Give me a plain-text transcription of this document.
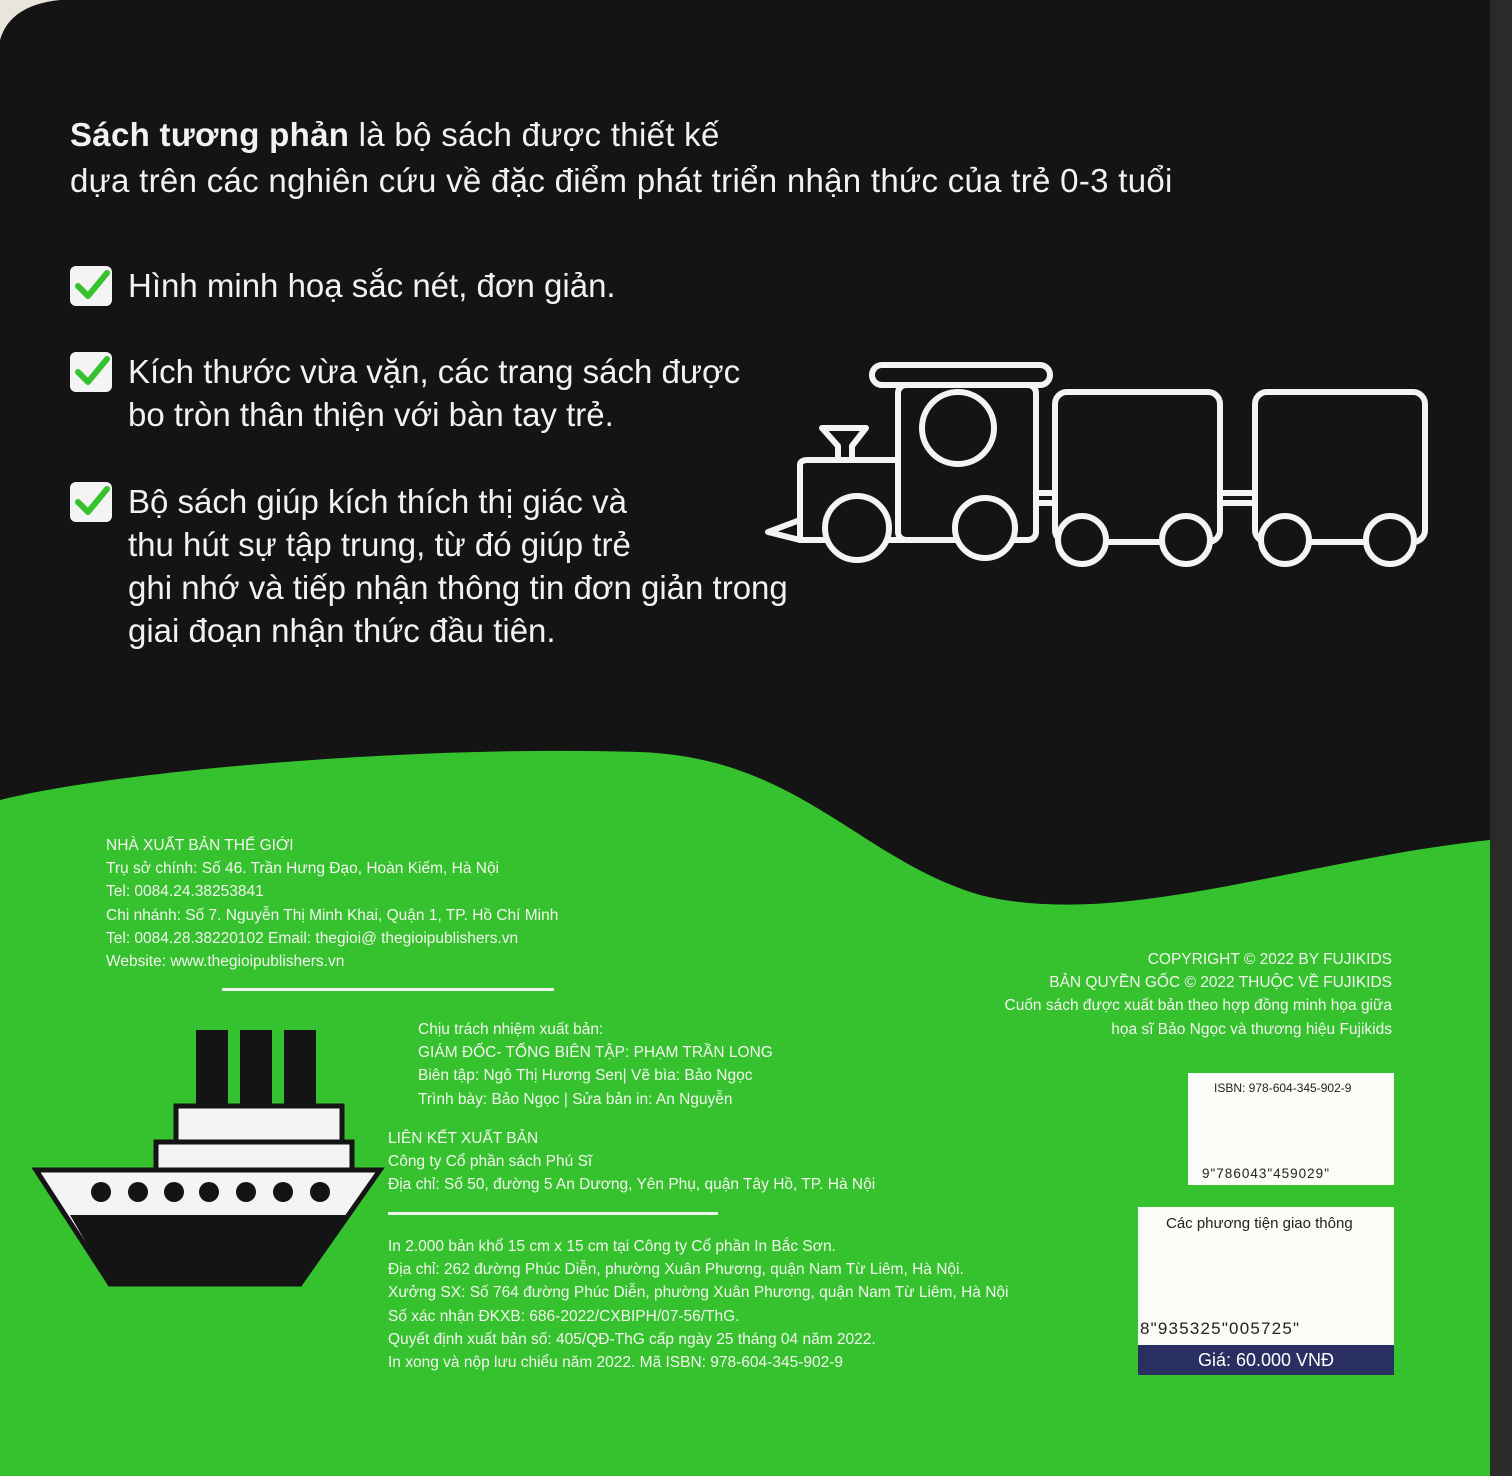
Sách tương phản là bộ sách được thiết kế
dựa trên các nghiên cứu về đặc điểm phát triển nhận thức của trẻ 0-3 tuổi
Hình minh hoạ sắc nét, đơn giản.
Kích thước vừa vặn, các trang sách được
bo tròn thân thiện với bàn tay trẻ.
Bộ sách giúp kích thích thị giác và
thu hút sự tập trung, từ đó giúp trẻ
ghi nhớ và tiếp nhận thông tin đơn giản trong
giai đoạn nhận thức đầu tiên.
NHÀ XUẤT BẢN THẾ GIỚI
Trụ sở chính: Số 46. Trần Hưng Đạo, Hoàn Kiếm, Hà Nội
Tel: 0084.24.38253841
Chi nhánh: Số 7. Nguyễn Thị Minh Khai, Quận 1, TP. Hồ Chí Minh
Tel: 0084.28.38220102 Email: thegioi@ thegioipublishers.vn
Website: www.thegioipublishers.vn
Chịu trách nhiệm xuất bản:
GIÁM ĐỐC- TỔNG BIÊN TẬP: PHẠM TRẦN LONG
Biên tập: Ngô Thị Hương Sen| Vẽ bìa: Bảo Ngọc
Trình bày: Bảo Ngọc | Sửa bản in: An Nguyễn
LIÊN KẾT XUẤT BẢN
Công ty Cổ phần sách Phú Sĩ
Địa chỉ: Số 50, đường 5 An Dương, Yên Phụ, quận Tây Hồ, TP. Hà Nội
In 2.000 bản khổ 15 cm x 15 cm tại Công ty Cổ phần In Bắc Sơn.
Địa chỉ: 262 đường Phúc Diễn, phường Xuân Phương, quận Nam Từ Liêm, Hà Nội.
Xưởng SX: Số 764 đường Phúc Diễn, phường Xuân Phương, quận Nam Từ Liêm, Hà Nội
Số xác nhận ĐKXB: 686-2022/CXBIPH/07-56/ThG.
Quyết định xuất bản số: 405/QĐ-ThG cấp ngày 25 tháng 04 năm 2022.
In xong và nộp lưu chiểu năm 2022. Mã ISBN: 978-604-345-902-9
COPYRIGHT © 2022 BY FUJIKIDS
BẢN QUYỀN GỐC © 2022 THUỘC VỀ FUJIKIDS
Cuốn sách được xuất bản theo hợp đồng minh họa giữa
họa sĩ Bảo Ngọc và thương hiệu Fujikids
ISBN: 978-604-345-902-9
9"786043"459029"
Các phương tiện giao thông
8"935325"005725"
Giá: 60.000 VNĐ
